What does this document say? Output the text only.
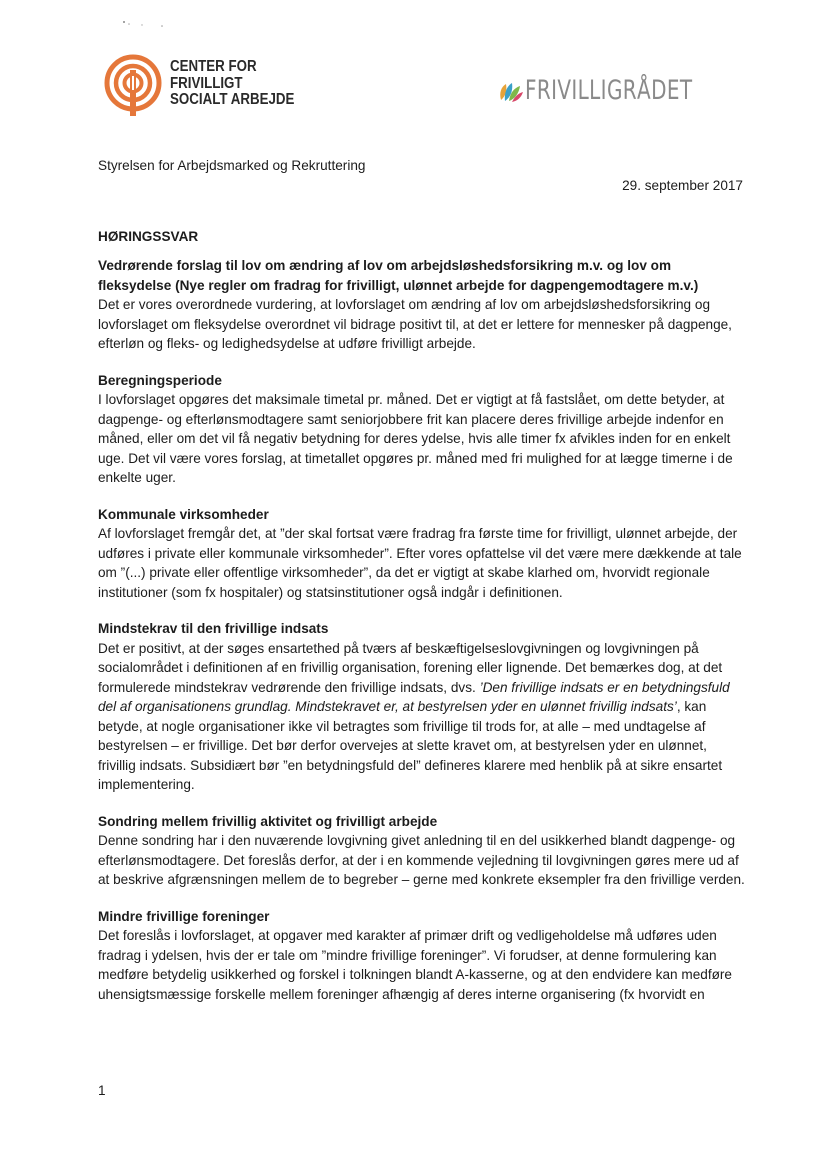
CENTER FOR
FRIVILLIGT
SOCIALT ARBEJDE	FRIVILLIGRÅDET
Styrelsen for Arbejdsmarked og Rekruttering
29. september 2017
HØRINGSSVAR

Vedrørende forslag til lov om ændring af lov om arbejdsløshedsforsikring m.v. og lov om fleksydelse (Nye regler om fradrag for frivilligt, ulønnet arbejde for dagpengemodtagere m.v.)

Det er vores overordnede vurdering, at lovforslaget om ændring af lov om arbejdsløshedsforsikring og lovforslaget om fleksydelse overordnet vil bidrage positivt til, at det er lettere for mennesker på dagpenge, efterløn og fleks- og ledighedsydelse at udføre frivilligt arbejde.

Beregningsperiode

I lovforslaget opgøres det maksimale timetal pr. måned. Det er vigtigt at få fastslået, om dette betyder, at dagpenge- og efterlønsmodtagere samt seniorjobbere frit kan placere deres frivillige arbejde indenfor en måned, eller om det vil få negativ betydning for deres ydelse, hvis alle timer fx afvikles inden for en enkelt uge. Det vil være vores forslag, at timetallet opgøres pr. måned med fri mulighed for at lægge timerne i de enkelte uger.

Kommunale virksomheder

Af lovforslaget fremgår det, at ”der skal fortsat være fradrag fra første time for frivilligt, ulønnet arbejde, der udføres i private eller kommunale virksomheder”. Efter vores opfattelse vil det være mere dækkende at tale om ”(...) private eller offentlige virksomheder”, da det er vigtigt at skabe klarhed om, hvorvidt regionale institutioner (som fx hospitaler) og statsinstitutioner også indgår i definitionen.

Mindstekrav til den frivillige indsats

Det er positivt, at der søges ensartethed på tværs af beskæftigelseslovgivningen og lovgivningen på socialområdet i definitionen af en frivillig organisation, forening eller lignende. Det bemærkes dog, at det formulerede mindstekrav vedrørende den frivillige indsats, dvs. ’Den frivillige indsats er en betydningsfuld del af organisationens grundlag. Mindstekravet er, at bestyrelsen yder en ulønnet frivillig indsats’, kan betyde, at nogle organisationer ikke vil betragtes som frivillige til trods for, at alle – med undtagelse af bestyrelsen – er frivillige. Det bør derfor overvejes at slette kravet om, at bestyrelsen yder en ulønnet, frivillig indsats. Subsidiært bør ”en betydningsfuld del” defineres klarere med henblik på at sikre ensartet implementering.

Sondring mellem frivillig aktivitet og frivilligt arbejde

Denne sondring har i den nuværende lovgivning givet anledning til en del usikkerhed blandt dagpenge- og efterlønsmodtagere. Det foreslås derfor, at der i en kommende vejledning til lovgivningen gøres mere ud af at beskrive afgrænsningen mellem de to begreber – gerne med konkrete eksempler fra den frivillige verden.

Mindre frivillige foreninger

Det foreslås i lovforslaget, at opgaver med karakter af primær drift og vedligeholdelse må udføres uden fradrag i ydelsen, hvis der er tale om ”mindre frivillige foreninger”. Vi forudser, at denne formulering kan medføre betydelig usikkerhed og forskel i tolkningen blandt A-kasserne, og at den endvidere kan medføre uhensigtsmæssige forskelle mellem foreninger afhængig af deres interne organisering (fx hvorvidt en

1
